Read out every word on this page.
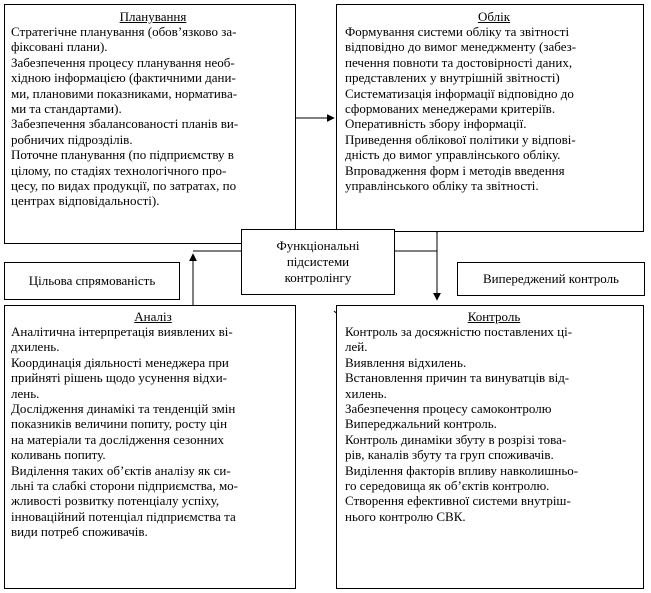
Планування
Стратегічне планування (обов’язково за-
фіксовані плани).
Забезпечення процесу планування необ-
хідною інформацією (фактичними дани-
ми, плановими показниками, нормативa-
ми та стандартами).
Забезпечення збалансованості планів ви-
робничих підрозділів.
Поточне планування (по підприємству в
цілому, по стадіях технологічного про-
цесу, по видах продукції, по затратах, по
центрах відповідальності).
Облік
Формування системи обліку та звітності
відповідно до вимог менеджменту (забез-
печення повноти та достовірності даних,
представлених у внутрішній звітності)
Систематизація інформації відповідно до
сформованих менеджерами критеріїв.
Оперативність збору інформації.
Приведення облікової політики у відпові-
дність до вимог управлінського обліку.
Впровадження форм і методів введення
управлінського обліку та звітності.
Функціональні
підсистеми
контролінгу
Цільова спрямованість	Випереджений контроль
Аналіз
Аналітична інтерпретація виявлених ві-
дхилень.
Координація діяльності менеджера при
прийняті рішень щодо усунення відхи-
лень.
Дослідження динамікі та тенденцій змін
показників величини попиту, росту цін
на матеріали та дослідження сезонних
коливань попиту.
Виділення таких об’єктів аналізу як си-
льні та слабкі сторони підприємства, мо-
жливості розвитку потенціалу успіху,
інноваційний потенціал підприємства та
види потреб споживачів.
Контроль
Контроль за досяжністю поставлених ці-
лей.
Виявлення відхилень.
Встановлення причин та винуватців від-
хилень.
Забезпечення процесу самоконтролю
Випереджальний контроль.
Контроль динаміки збуту в розрізі това-
рів, каналів збуту та груп споживачів.
Виділення факторів впливу навколишньо-
го середовища як об’єктів контролю.
Створення ефективної системи внутріш-
нього контролю СВК.
